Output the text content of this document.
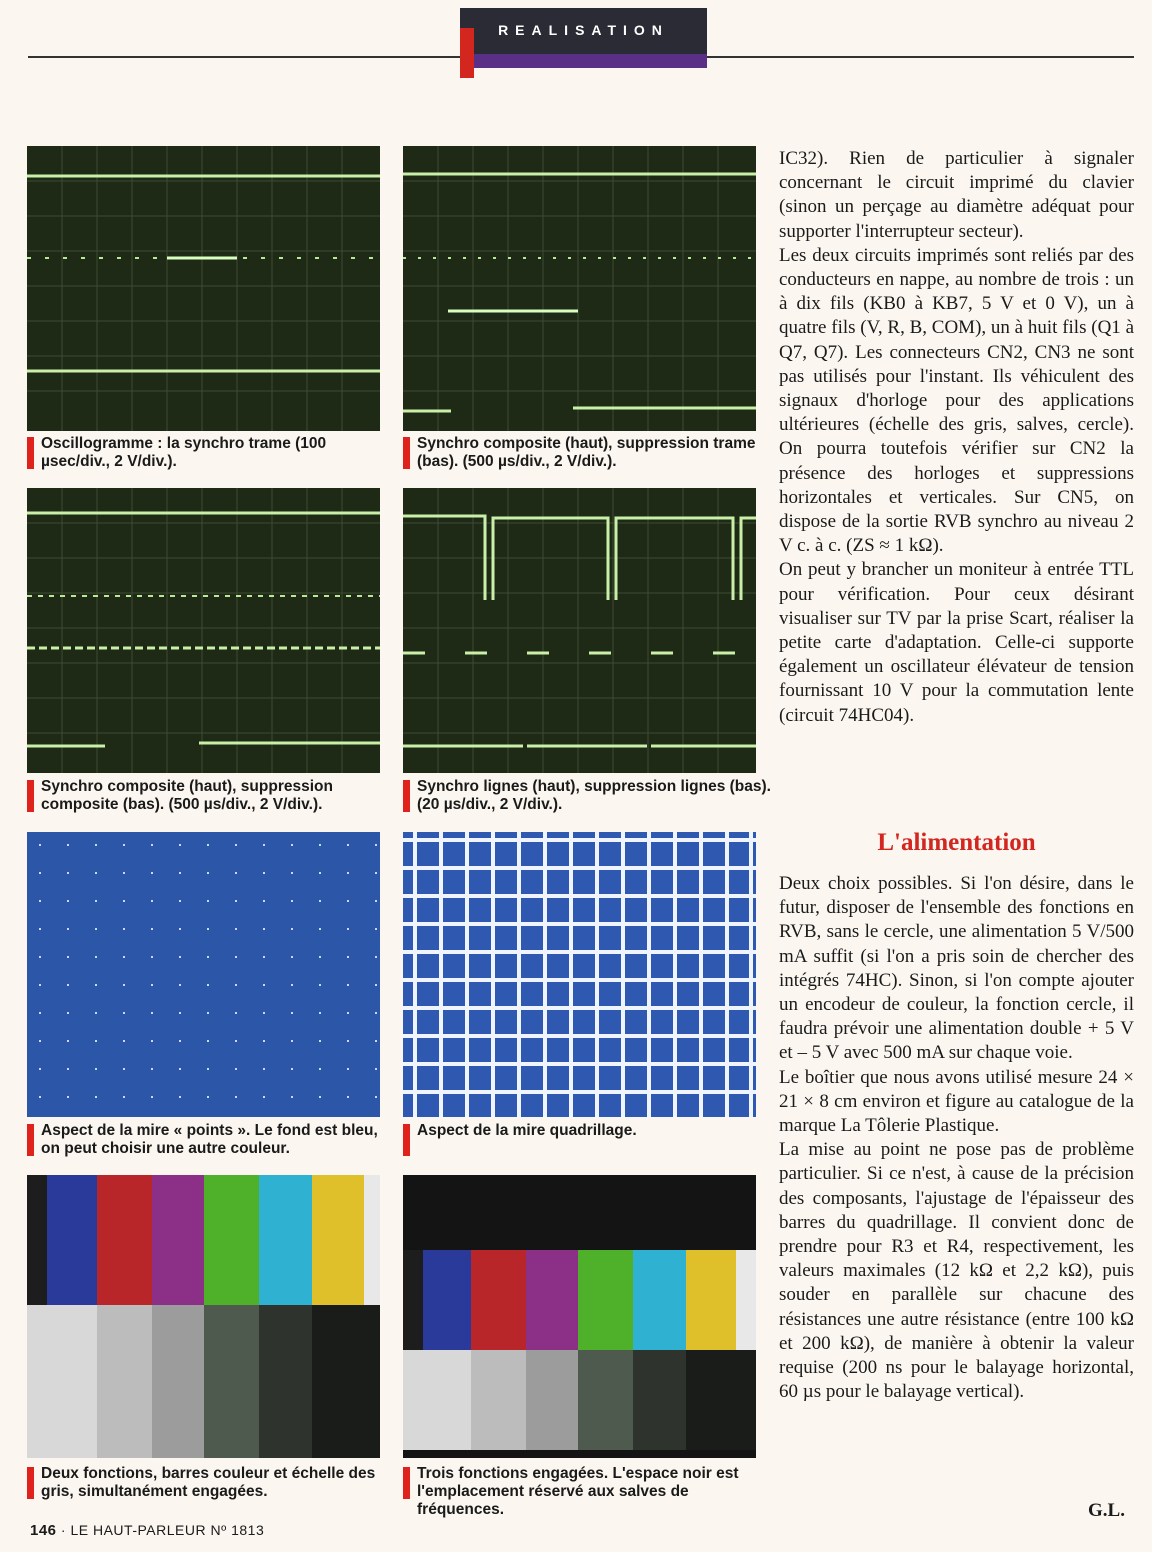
REALISATION
Oscillogramme : la synchro trame (100 µsec/div., 2 V/div.).
Synchro composite (haut), suppression trame (bas). (500 µs/div., 2 V/div.).
Synchro composite (haut), suppression composite (bas). (500 µs/div., 2 V/div.).
Synchro lignes (haut), suppression lignes (bas). (20 µs/div., 2 V/div.).
Aspect de la mire « points ». Le fond est bleu, on peut choisir une autre couleur.
Aspect de la mire quadrillage.
Deux fonctions, barres couleur et échelle des gris, simultanément engagées.
Trois fonctions engagées. L'espace noir est l'emplacement réservé aux salves de fréquences.

IC32). Rien de particulier à signaler concernant le circuit imprimé du clavier (sinon un perçage au diamètre adéquat pour supporter l'interrupteur secteur).

Les deux circuits imprimés sont reliés par des conducteurs en nappe, au nombre de trois : un à dix fils (KB0 à KB7, 5 V et 0 V), un à quatre fils (V, R, B, COM), un à huit fils (Q1 à Q7, Q7). Les connecteurs CN2, CN3 ne sont pas utilisés pour l'instant. Ils véhiculent des signaux d'horloge pour des applications ultérieures (échelle des gris, salves, cercle). On pourra toutefois vérifier sur CN2 la présence des horloges et suppressions horizontales et verticales. Sur CN5, on dispose de la sortie RVB synchro au niveau 2 V c. à c. (ZS ≈ 1 kΩ).

On peut y brancher un moniteur à entrée TTL pour vérification. Pour ceux désirant visualiser sur TV par la prise Scart, réaliser la petite carte d'adaptation. Celle-ci supporte également un oscillateur élévateur de tension fournissant 10 V pour la commutation lente (circuit 74HC04).

L'alimentation

Deux choix possibles. Si l'on désire, dans le futur, disposer de l'ensemble des fonctions en RVB, sans le cercle, une alimentation 5 V/500 mA suffit (si l'on a pris soin de chercher des intégrés 74HC). Sinon, si l'on compte ajouter un encodeur de couleur, la fonction cercle, il faudra prévoir une alimentation double + 5 V et – 5 V avec 500 mA sur chaque voie.

Le boîtier que nous avons utilisé mesure 24 × 21 × 8 cm environ et figure au catalogue de la marque La Tôlerie Plastique.

La mise au point ne pose pas de problème particulier. Si ce n'est, à cause de la précision des composants, l'ajustage de l'épaisseur des barres du quadrillage. Il convient donc de prendre pour R3 et R4, respectivement, les valeurs maximales (12 kΩ et 2,2 kΩ), puis souder en parallèle sur chacune des résistances une autre résistance (entre 100 kΩ et 200 kΩ), de manière à obtenir la valeur requise (200 ns pour le balayage horizontal, 60 µs pour le balayage vertical).

G.L.
146 · LE HAUT-PARLEUR Nº 1813
